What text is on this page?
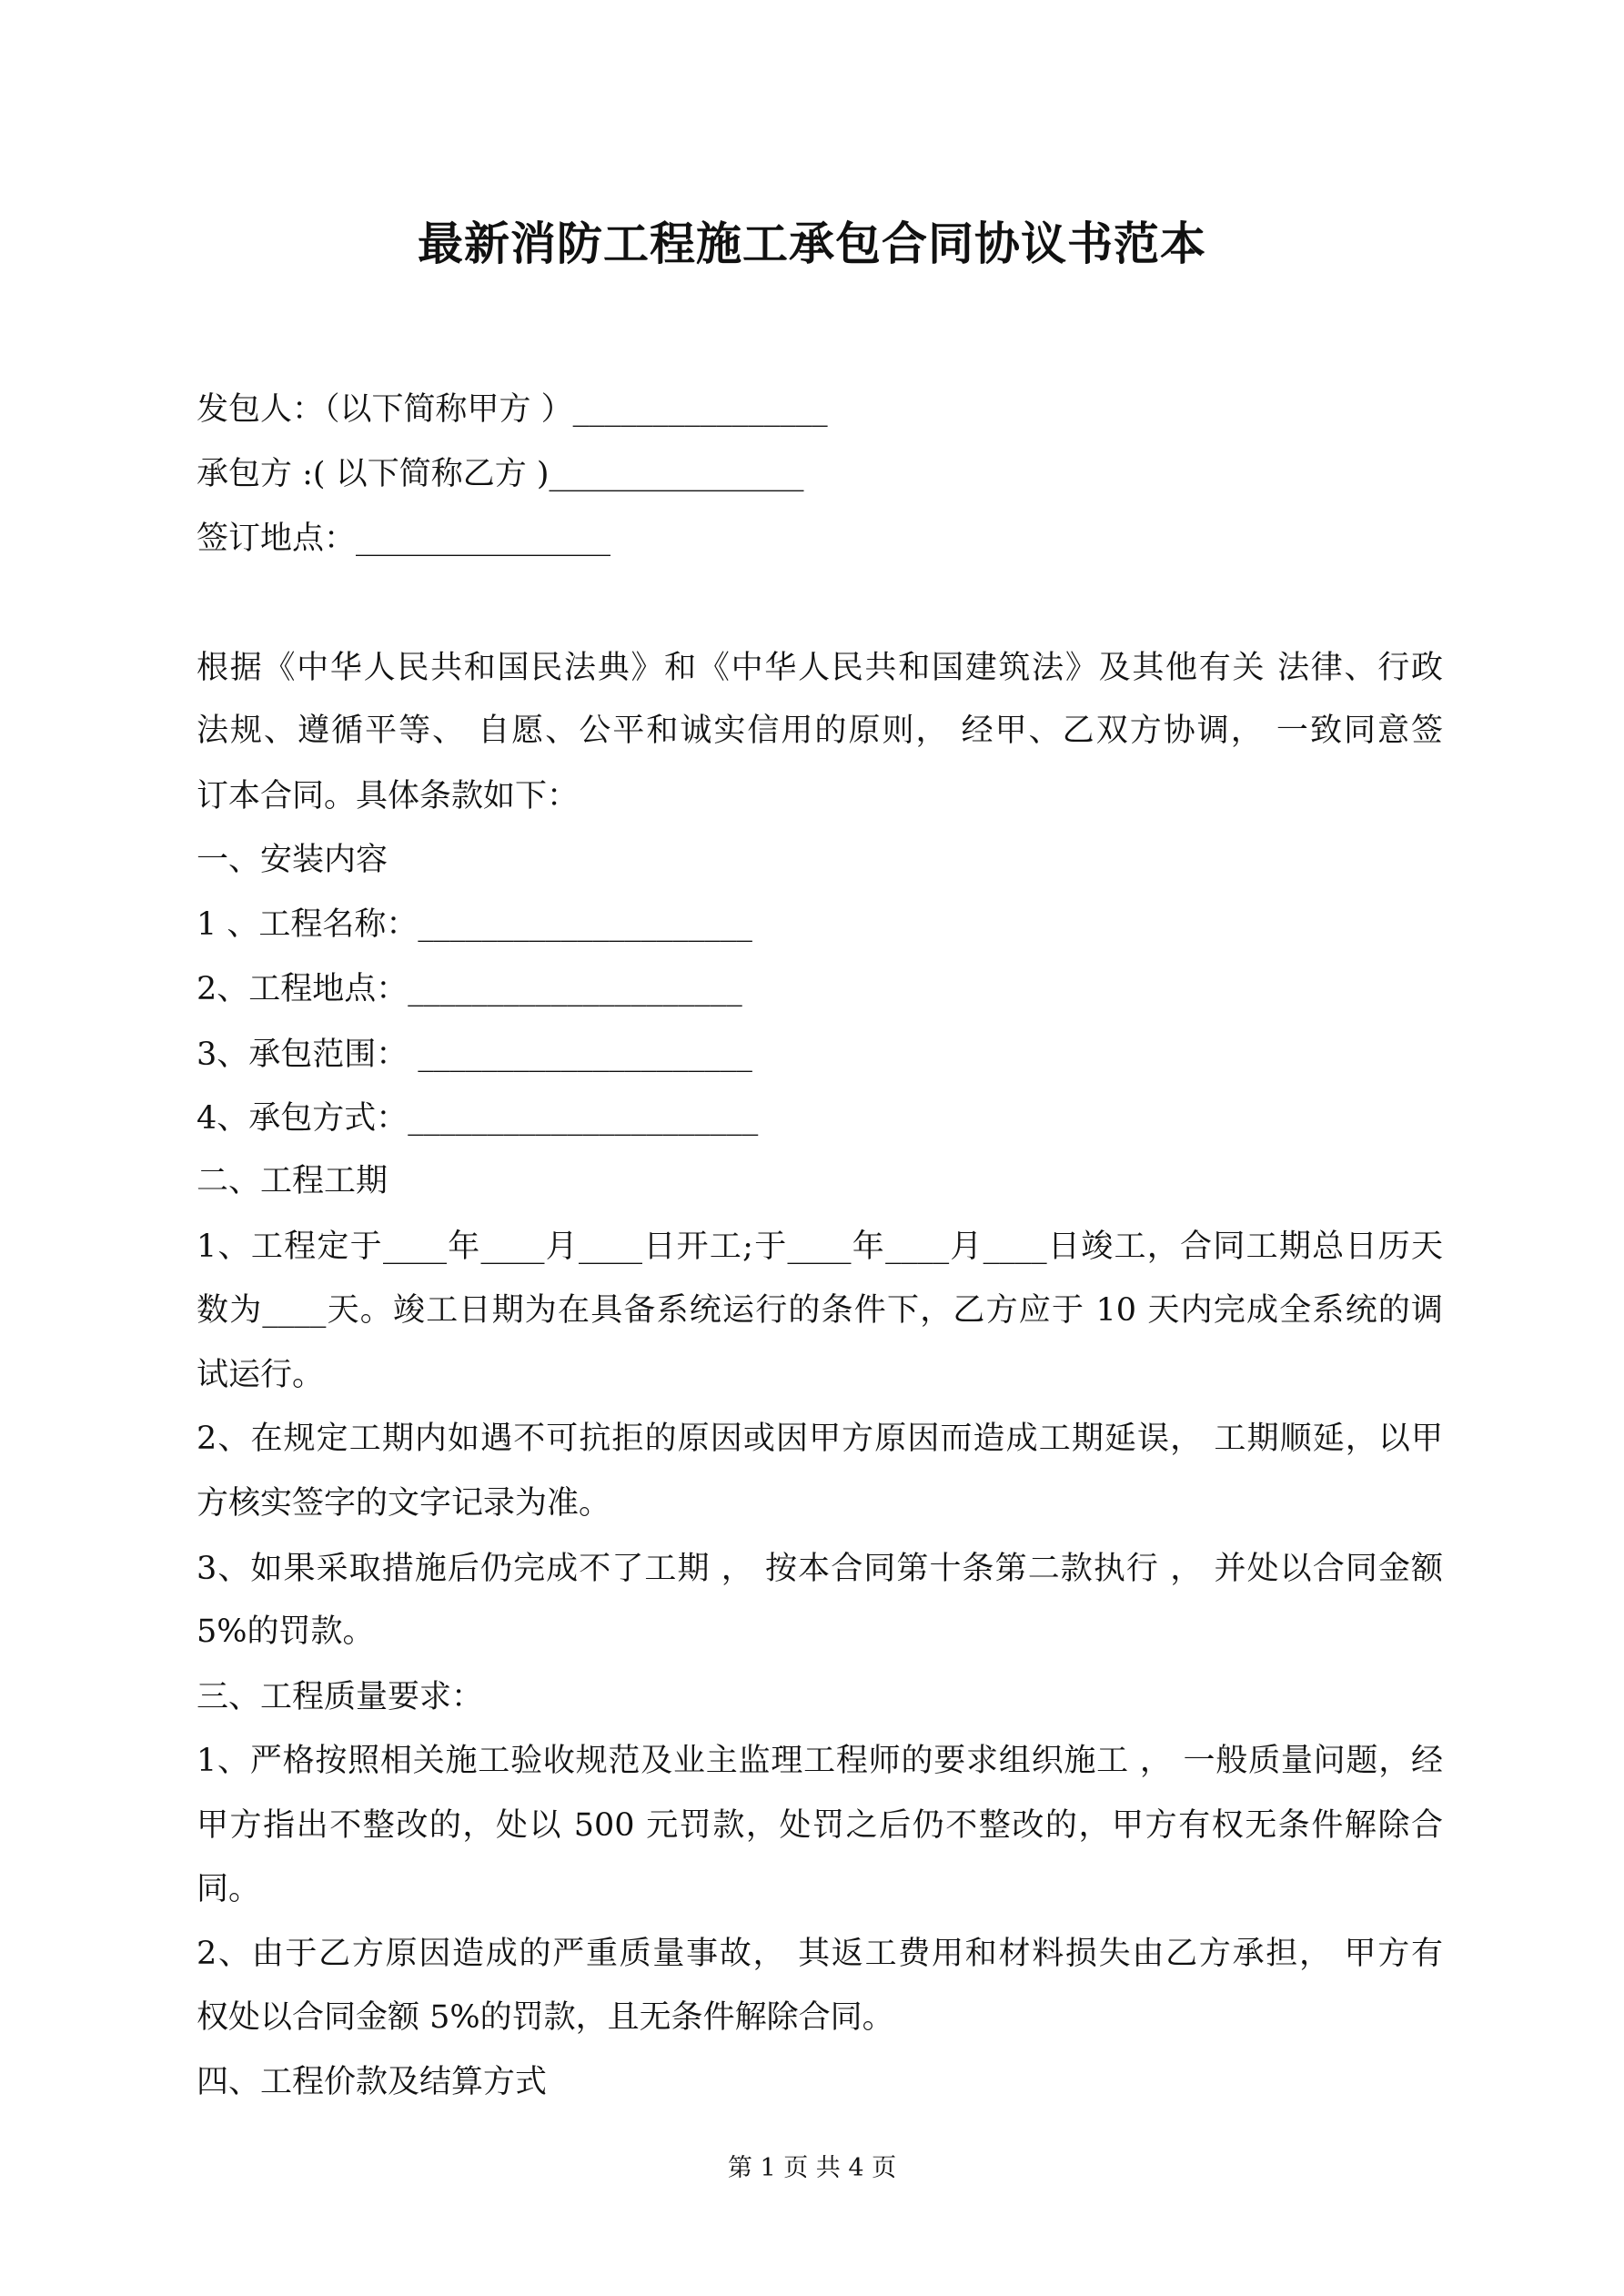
最新消防工程施工承包合同协议书范本
发包人：（以下简称甲方 ）________________
承包方 :( 以下简称乙方 )________________
签订地点：________________
根据《中华人民共和国民法典》和《中华人民共和国建筑法》及其他有关 法律、行政
法规、遵循平等、 自愿、公平和诚实信用的原则， 经甲、乙双方协调， 一致同意签
订本合同。具体条款如下：
一、安装内容
1 、工程名称：_____________________
2、工程地点：_____________________
3、承包范围： _____________________
4、承包方式：______________________
二、工程工期
1、工程定于____年____月____日开工;于____年____月____日竣工，合同工期总日历天
数为____天。竣工日期为在具备系统运行的条件下，乙方应于 10 天内完成全系统的调
试运行。
2、在规定工期内如遇不可抗拒的原因或因甲方原因而造成工期延误， 工期顺延，以甲
方核实签字的文字记录为准。
3、如果采取措施后仍完成不了工期 ， 按本合同第十条第二款执行 ， 并处以合同金额
5%的罚款。
三、工程质量要求：
1、严格按照相关施工验收规范及业主监理工程师的要求组织施工 ， 一般质量问题，经
甲方指出不整改的，处以 500 元罚款，处罚之后仍不整改的，甲方有权无条件解除合
同。
2、由于乙方原因造成的严重质量事故， 其返工费用和材料损失由乙方承担， 甲方有
权处以合同金额 5%的罚款，且无条件解除合同。
四、工程价款及结算方式
第 1 页 共 4 页
